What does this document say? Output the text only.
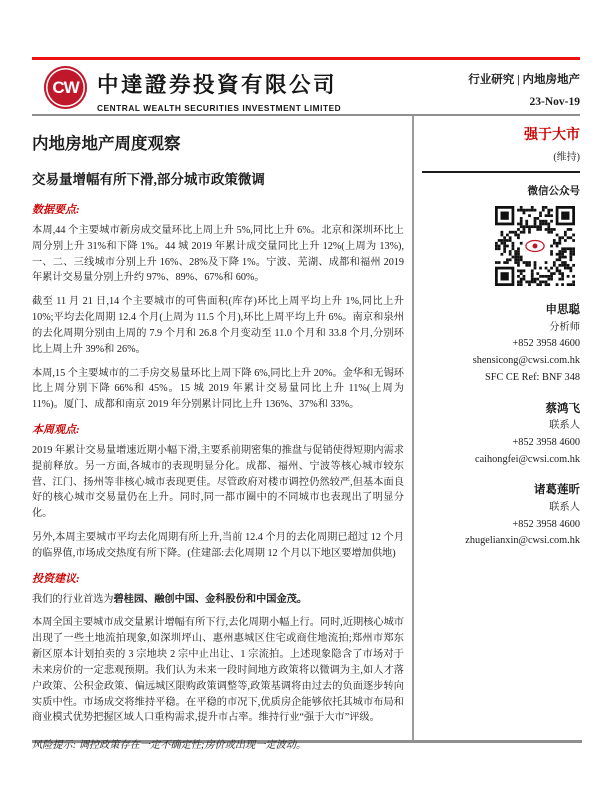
CW 中達證券投資有限公司
CENTRAL WEALTH SECURITIES INVESTMENT LIMITED
行业研究 | 内地房地产
23-Nov-19
内地房地产周度观察
交易量增幅有所下滑,部分城市政策微调
数据要点:

本周,44 个主要城市新房成交量环比上周上升 5%,同比上升 6%。北京和深圳环比上周分别上升 31%和下降 1%。44 城 2019 年累计成交量同比上升 12%(上周为 13%),一、二、三线城市分别上升 16%、28%及下降 1%。宁波、芜湖、成都和福州 2019 年累计交易量分别上升约 97%、89%、67%和 60%。

截至 11 月 21 日,14 个主要城市的可售面积(库存)环比上周平均上升 1%,同比上升 10%;平均去化周期 12.4 个月(上周为 11.5 个月),环比上周平均上升 6%。南京和泉州的去化周期分别由上周的 7.9 个月和 26.8 个月变动至 11.0 个月和 33.8 个月,分别环比上周上升 39%和 26%。

本周,15 个主要城市的二手房交易量环比上周下降 6%,同比上升 20%。金华和无锡环比上周分别下降 66%和 45%。15 城 2019 年累计交易量同比上升 11%(上周为 11%)。厦门、成都和南京 2019 年分别累计同比上升 136%、37%和 33%。

本周观点:

2019 年累计交易量增速近期小幅下滑,主要系前期密集的推盘与促销使得短期内需求提前释放。另一方面,各城市的表现明显分化。成都、福州、宁波等核心城市较东营、江门、扬州等非核心城市表现更佳。尽管政府对楼市调控仍然较严,但基本面良好的核心城市交易量仍在上升。同时,同一都市圈中的不同城市也表现出了明显分化。

另外,本周主要城市平均去化周期有所上升,当前 12.4 个月的去化周期已超过 12 个月的临界值,市场成交热度有所下降。(住建部:去化周期 12 个月以下地区要增加供地)

投资建议:

我们的行业首选为碧桂园、融创中国、金科股份和中国金茂。

本周全国主要城市成交量累计增幅有所下行,去化周期小幅上行。同时,近期核心城市出现了一些土地流拍现象,如深圳坪山、惠州惠城区住宅或商住地流拍;郑州市郑东新区原本计划拍卖的 3 宗地块 2 宗中止出让、1 宗流拍。上述现象隐含了市场对于未来房价的一定悲观预期。我们认为未来一段时间地方政策将以微调为主,如人才落户政策、公积金政策、偏远城区限购政策调整等,政策基调将由过去的负面逐步转向实质中性。市场成交将维持平稳。在平稳的市况下,优质房企能够依托其城市布局和商业模式优势把握区域人口重构需求,提升市占率。维持行业“强于大市”评级。

风险提示: 调控政策存在一定不确定性;房价或出现一定波动。

强于大市
(维持)
微信公众号
申思聪
分析师
+852 3958 4600
shensicong@cwsi.com.hk
SFC CE Ref: BNF 348
蔡鸿飞
联系人
+852 3958 4600
caihongfei@cwsi.com.hk
诸葛莲昕
联系人
+852 3958 4600
zhugelianxin@cwsi.com.hk
